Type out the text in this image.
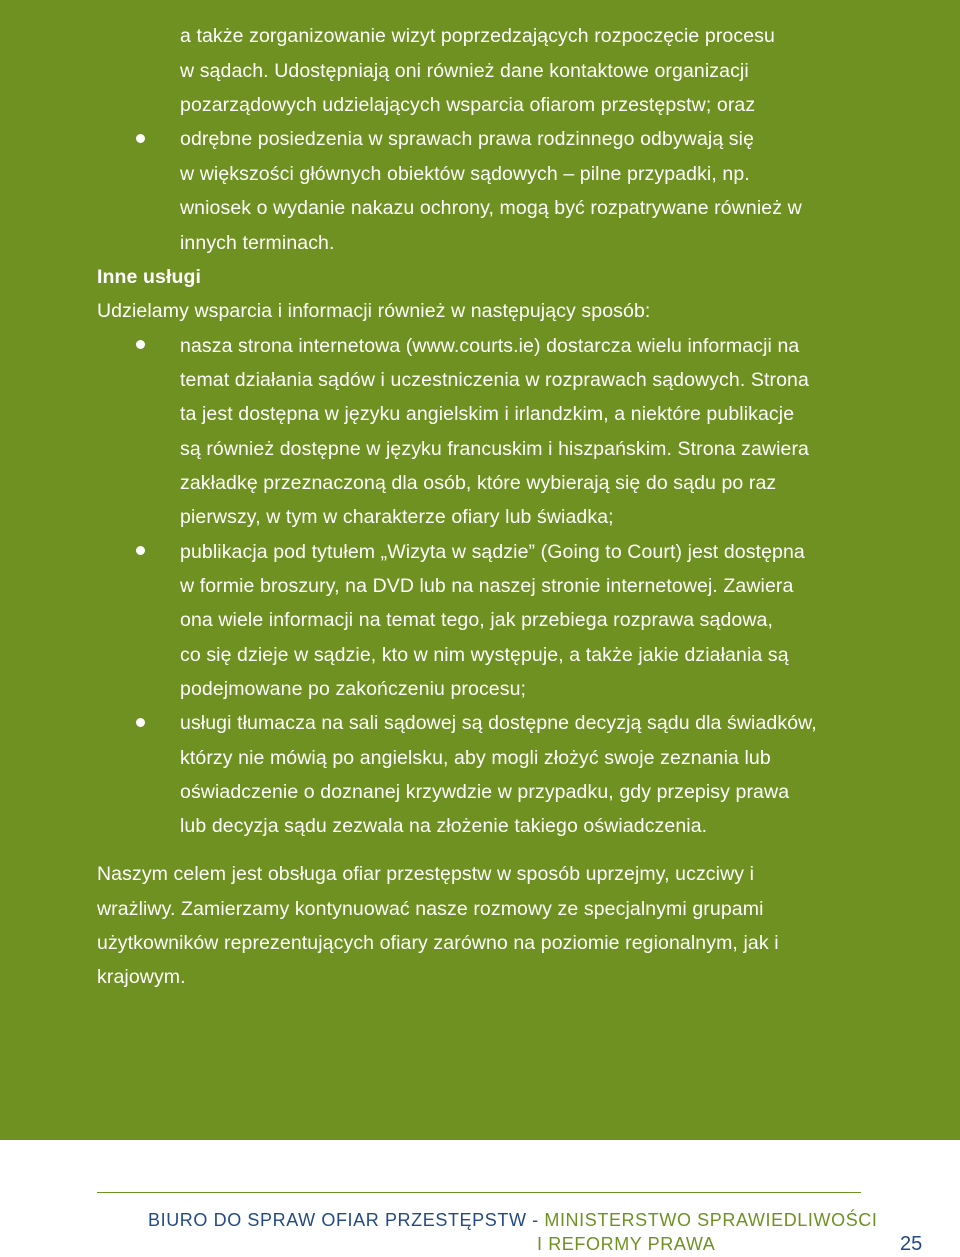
a także zorganizowanie wizyt poprzedzających rozpoczęcie procesu
w sądach. Udostępniają oni również dane kontaktowe organizacji
pozarządowych udzielających wsparcia ofiarom przestępstw; oraz
odrębne posiedzenia w sprawach prawa rodzinnego odbywają się
w większości głównych obiektów sądowych – pilne przypadki, np.
wniosek o wydanie nakazu ochrony, mogą być rozpatrywane również w
innych terminach.
Inne usługi
Udzielamy wsparcia i informacji również w następujący sposób:
nasza strona internetowa (www.courts.ie) dostarcza wielu informacji na
temat działania sądów i uczestniczenia w rozprawach sądowych. Strona
ta jest dostępna w języku angielskim i irlandzkim, a niektóre publikacje
są również dostępne w języku francuskim i hiszpańskim. Strona zawiera
zakładkę przeznaczoną dla osób, które wybierają się do sądu po raz
pierwszy, w tym w charakterze ofiary lub świadka;
publikacja pod tytułem „Wizyta w sądzie” (Going to Court) jest dostępna
w formie broszury, na DVD lub na naszej stronie internetowej. Zawiera
ona wiele informacji na temat tego, jak przebiega rozprawa sądowa,
co się dzieje w sądzie, kto w nim występuje, a także jakie działania są
podejmowane po zakończeniu procesu;
usługi tłumacza na sali sądowej są dostępne decyzją sądu dla świadków,
którzy nie mówią po angielsku, aby mogli złożyć swoje zeznania lub
oświadczenie o doznanej krzywdzie w przypadku, gdy przepisy prawa
lub decyzja sądu zezwala na złożenie takiego oświadczenia.
Naszym celem jest obsługa ofiar przestępstw w sposób uprzejmy, uczciwy i
wrażliwy. Zamierzamy kontynuować nasze rozmowy ze specjalnymi grupami
użytkowników reprezentujących ofiary zarówno na poziomie regionalnym, jak i
krajowym.
BIURO DO SPRAW OFIAR PRZESTĘPSTW - MINISTERSTWO SPRAWIEDLIWOŚCI
I REFORMY PRAWA	25
